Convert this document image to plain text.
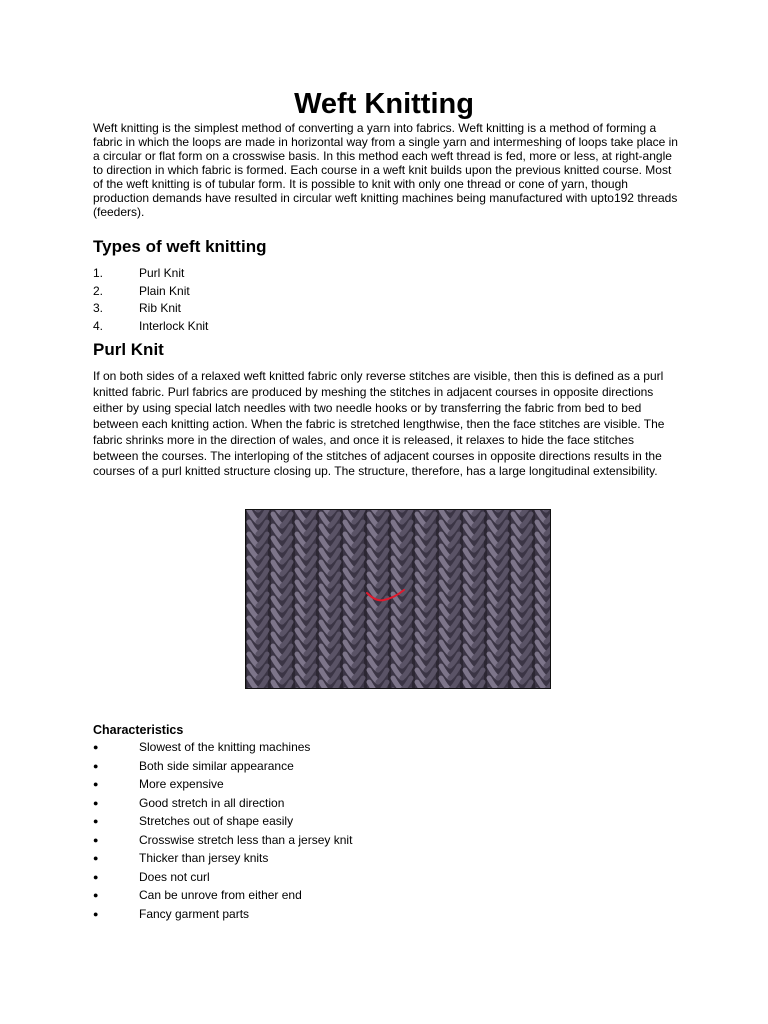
Weft Knitting

Weft knitting is the simplest method of converting a yarn into fabrics. Weft knitting is a method of forming a fabric in which the loops are made in horizontal way from a single yarn and intermeshing of loops take place in a circular or flat form on a crosswise basis. In this method each weft thread is fed, more or less, at right-angle to direction in which fabric is formed. Each course in a weft knit builds upon the previous knitted course. Most of the weft knitting is of tubular form. It is possible to knit with only one thread or cone of yarn, though production demands have resulted in circular weft knitting machines being manufactured with upto192 threads (feeders).

Types of weft knitting
1.	Purl Knit
2.	Plain Knit
3.	Rib Knit
4.	Interlock Knit
Purl Knit

If on both sides of a relaxed weft knitted fabric only reverse stitches are visible, then this is defined as a purl knitted fabric. Purl fabrics are produced by meshing the stitches in adjacent courses in opposite directions either by using special latch needles with two needle hooks or by transferring the fabric from bed to bed between each knitting action. When the fabric is stretched lengthwise, then the face stitches are visible. The fabric shrinks more in the direction of wales, and once it is released, it relaxes to hide the face stitches between the courses. The interloping of the stitches of adjacent courses in opposite directions results in the courses of a purl knitted structure closing up. The structure, therefore, has a large longitudinal extensibility.

Characteristics
●	Slowest of the knitting machines
●	Both side similar appearance
●	More expensive
●	Good stretch in all direction
●	Stretches out of shape easily
●	Crosswise stretch less than a jersey knit
●	Thicker than jersey knits
●	Does not curl
●	Can be unrove from either end
●	Fancy garment parts
